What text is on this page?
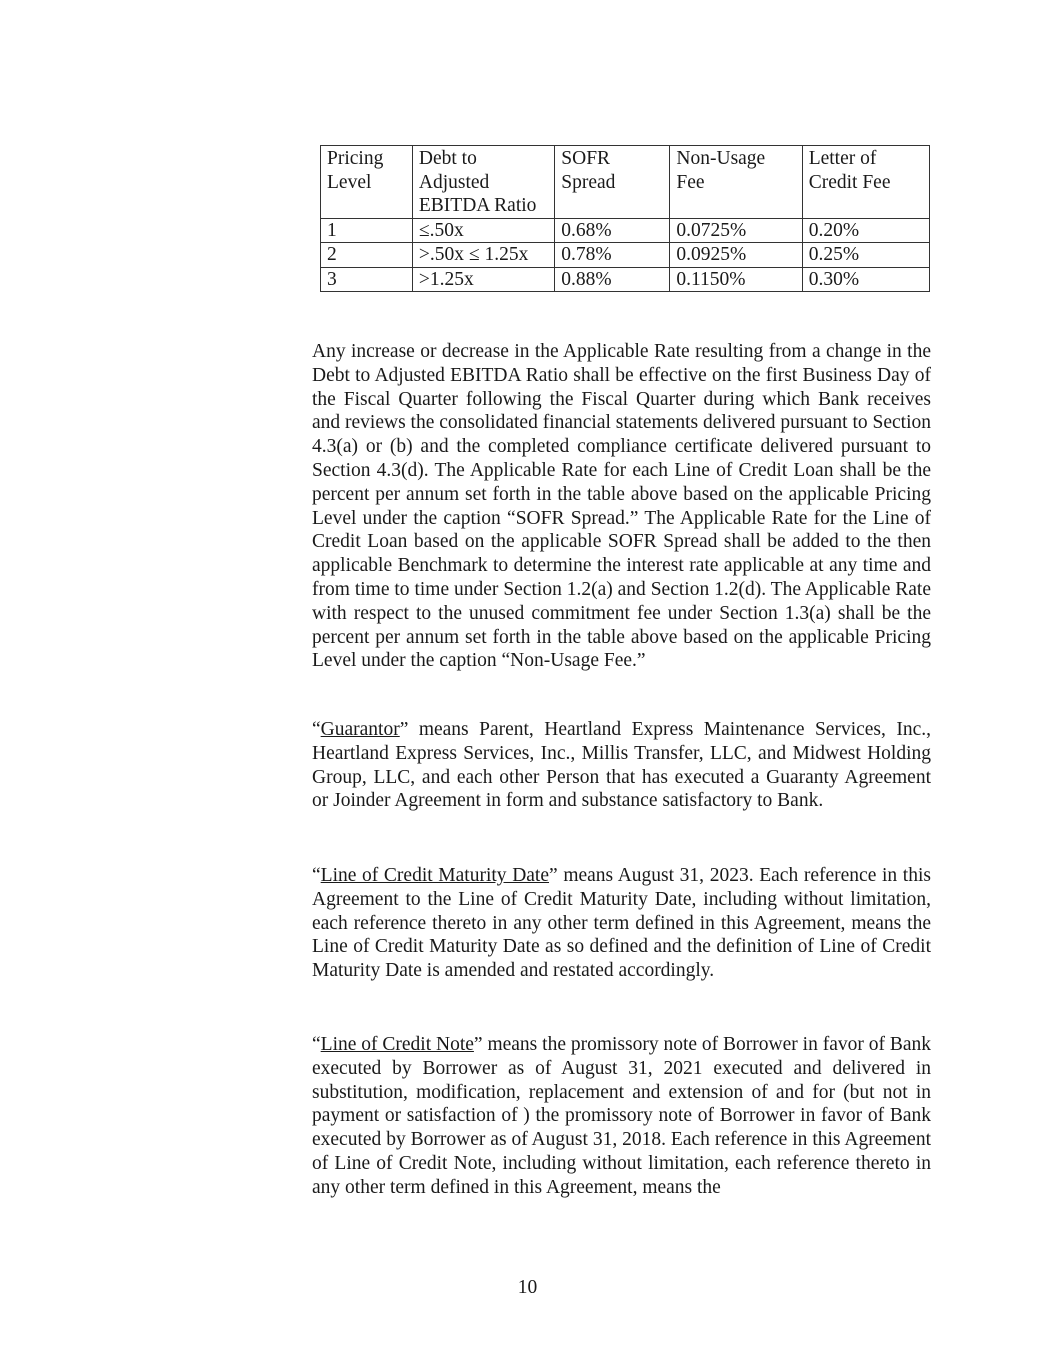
Pricing Level	Debt to Adjusted EBITDA Ratio	SOFR Spread	Non-Usage Fee	Letter of Credit Fee
1	≤.50x	0.68%	0.0725%	0.20%
2	>.50x ≤ 1.25x	0.78%	0.0925%	0.25%
3	>1.25x	0.88%	0.1150%	0.30%

Any increase or decrease in the Applicable Rate resulting from a change in the Debt to Adjusted EBITDA Ratio shall be effective on the first Business Day of the Fiscal Quarter following the Fiscal Quarter during which Bank receives and reviews the consolidated financial statements delivered pursuant to Section 4.3(a) or (b) and the completed compliance certificate delivered pursuant to Section 4.3(d). The Applicable Rate for each Line of Credit Loan shall be the percent per annum set forth in the table above based on the applicable Pricing Level under the caption “SOFR Spread.” The Applicable Rate for the Line of Credit Loan based on the applicable SOFR Spread shall be added to the then applicable Benchmark to determine the interest rate applicable at any time and from time to time under Section 1.2(a) and Section 1.2(d). The Applicable Rate with respect to the unused commitment fee under Section 1.3(a) shall be the percent per annum set forth in the table above based on the applicable Pricing Level under the caption “Non-Usage Fee.”

“Guarantor” means Parent, Heartland Express Maintenance Services, Inc., Heartland Express Services, Inc., Millis Transfer, LLC, and Midwest Holding Group, LLC, and each other Person that has executed a Guaranty Agreement or Joinder Agreement in form and substance satisfactory to Bank.

“Line of Credit Maturity Date” means August 31, 2023. Each reference in this Agreement to the Line of Credit Maturity Date, including without limitation, each reference thereto in any other term defined in this Agreement, means the Line of Credit Maturity Date as so defined and the definition of Line of Credit Maturity Date is amended and restated accordingly.

“Line of Credit Note” means the promissory note of Borrower in favor of Bank executed by Borrower as of August 31, 2021 executed and delivered in substitution, modification, replacement and extension of and for (but not in payment or satisfaction of ) the promissory note of Borrower in favor of Bank executed by Borrower as of August 31, 2018. Each reference in this Agreement of Line of Credit Note, including without limitation, each reference thereto in any other term defined in this Agreement, means the

10
